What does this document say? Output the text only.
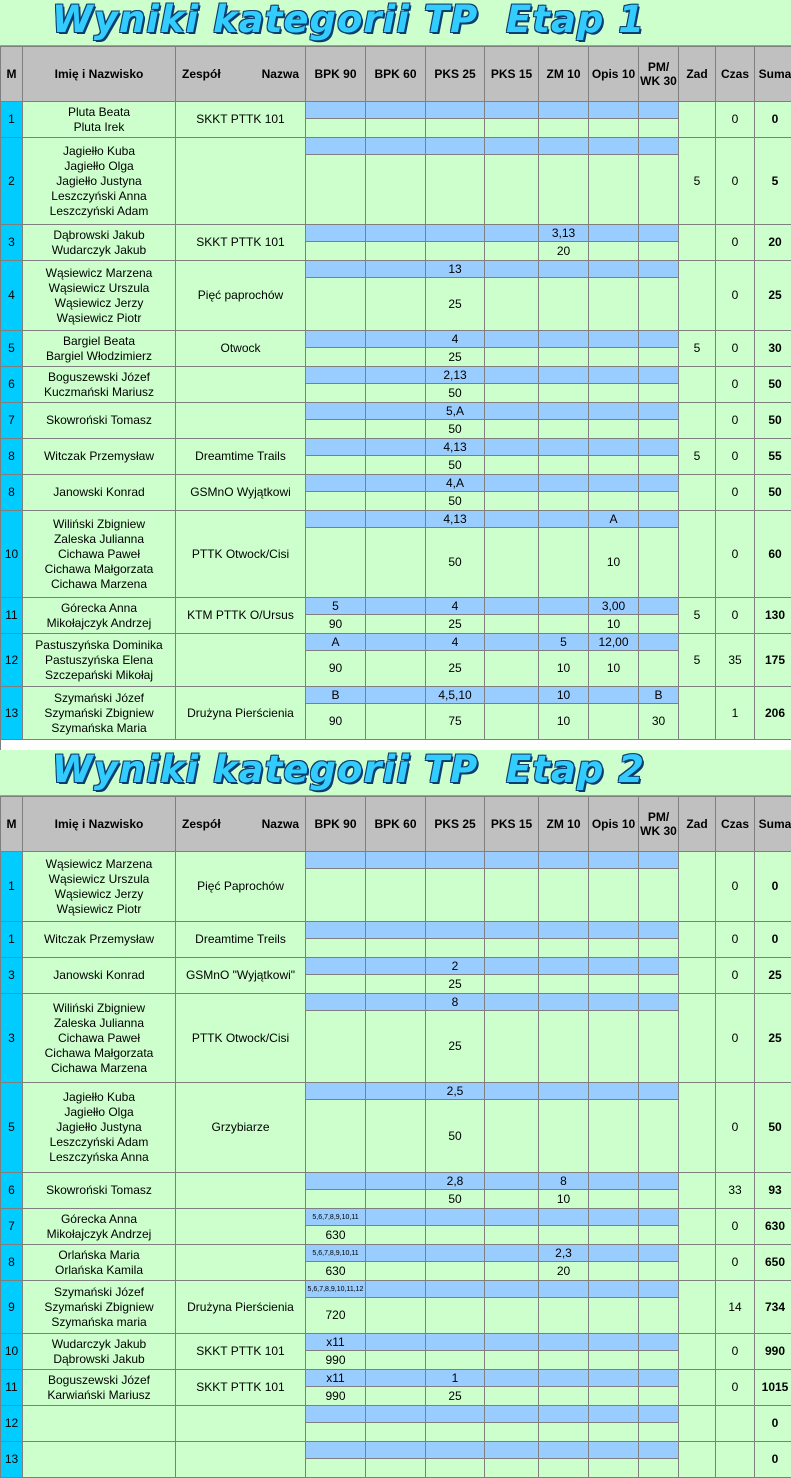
Wyniki kategorii TP  Etap 1
M	Imię i Nazwisko	Zespół Nazwa	BPK 90	BPK 60	PKS 25	PKS 15	ZM 10	Opis 10	PM/ WK 30	Zad	Czas	Suma
1	Pluta Beata
Pluta Irek	SKKT PTTK 101									0	0

2	Jagiełło Kuba
Jagiełło Olga
Jagiełło Justyna
Leszczyński Anna
Leszczyński Adam									5	0	5

3	Dąbrowski Jakub
Wudarczyk Jakub	SKKT PTTK 101					3,13				0	20
							20					
4	Wąsiewicz Marzena
Wąsiewicz Urszula
Wąsiewicz Jerzy
Wąsiewicz Piotr	Pięć paprochów			13						0	25
					25							
5	Bargiel Beata
Bargiel Włodzimierz	Otwock			4					5	0	30
					25							
6	Boguszewski Józef
Kuczmański Mariusz				2,13						0	50
					50							
7	Skowroński Tomasz				5,A						0	50
					50							
8	Witczak Przemysław	Dreamtime Trails			4,13					5	0	55
					50							
8	Janowski Konrad	GSMnO Wyjątkowi			4,A						0	50
					50							
10	Wiliński Zbigniew
Zaleska Julianna
Cichawa Paweł
Cichawa Małgorzata
Cichawa Marzena	PTTK Otwock/Cisi			4,13			A			0	60
					50			10				
11	Górecka Anna
Mikołajczyk Andrzej	KTM PTTK O/Ursus	5		4			3,00		5	0	130
			90		25			10				
12	Pastuszyńska Dominika
Pastuszyńska Elena
Szczepański Mikołaj		A		4		5	12,00		5	35	175
			90		25		10	10				
13	Szymański Józef
Szymański Zbigniew
Szymańska Maria	Drużyna Pierścienia	B		4,5,10		10		B		1	206
			90		75		10		30			

Wyniki kategorii TP  Etap 2
M	Imię i Nazwisko	Zespół Nazwa	BPK 90	BPK 60	PKS 25	PKS 15	ZM 10	Opis 10	PM/ WK 30	Zad	Czas	Suma
1	Wąsiewicz Marzena
Wąsiewicz Urszula
Wąsiewicz Jerzy
Wąsiewicz Piotr	Pięć Paprochów									0	0

1	Witczak Przemysław	Dreamtime Treils									0	0

3	Janowski Konrad	GSMnO "Wyjątkowi"			2						0	25
					25							
3	Wiliński Zbigniew
Zaleska Julianna
Cichawa Paweł
Cichawa Małgorzata
Cichawa Marzena	PTTK Otwock/Cisi			8						0	25
					25							
5	Jagiełło Kuba
Jagiełło Olga
Jagiełło Justyna
Leszczyński Adam
Leszczyńska Anna	Grzybiarze			2,5						0	50
					50							
6	Skowroński Tomasz				2,8		8				33	93
					50		10					
7	Górecka Anna
Mikołajczyk Andrzej		5,6,7,8,9,10,11								0	630
			630									
8	Orlańska Maria
Orlańska Kamila		5,6,7,8,9,10,11				2,3				0	650
			630				20					
9	Szymański Józef
Szymański Zbigniew
Szymańska maria	Drużyna Pierścienia	5,6,7,8,9,10,11,12								14	734
			720									
10	Wudarczyk Jakub
Dąbrowski Jakub	SKKT PTTK 101	x11								0	990
			990									
11	Boguszewski Józef
Karwiański Mariusz	SKKT PTTK 101	x11		1						0	1015
			990		25							
12												0

13												0
